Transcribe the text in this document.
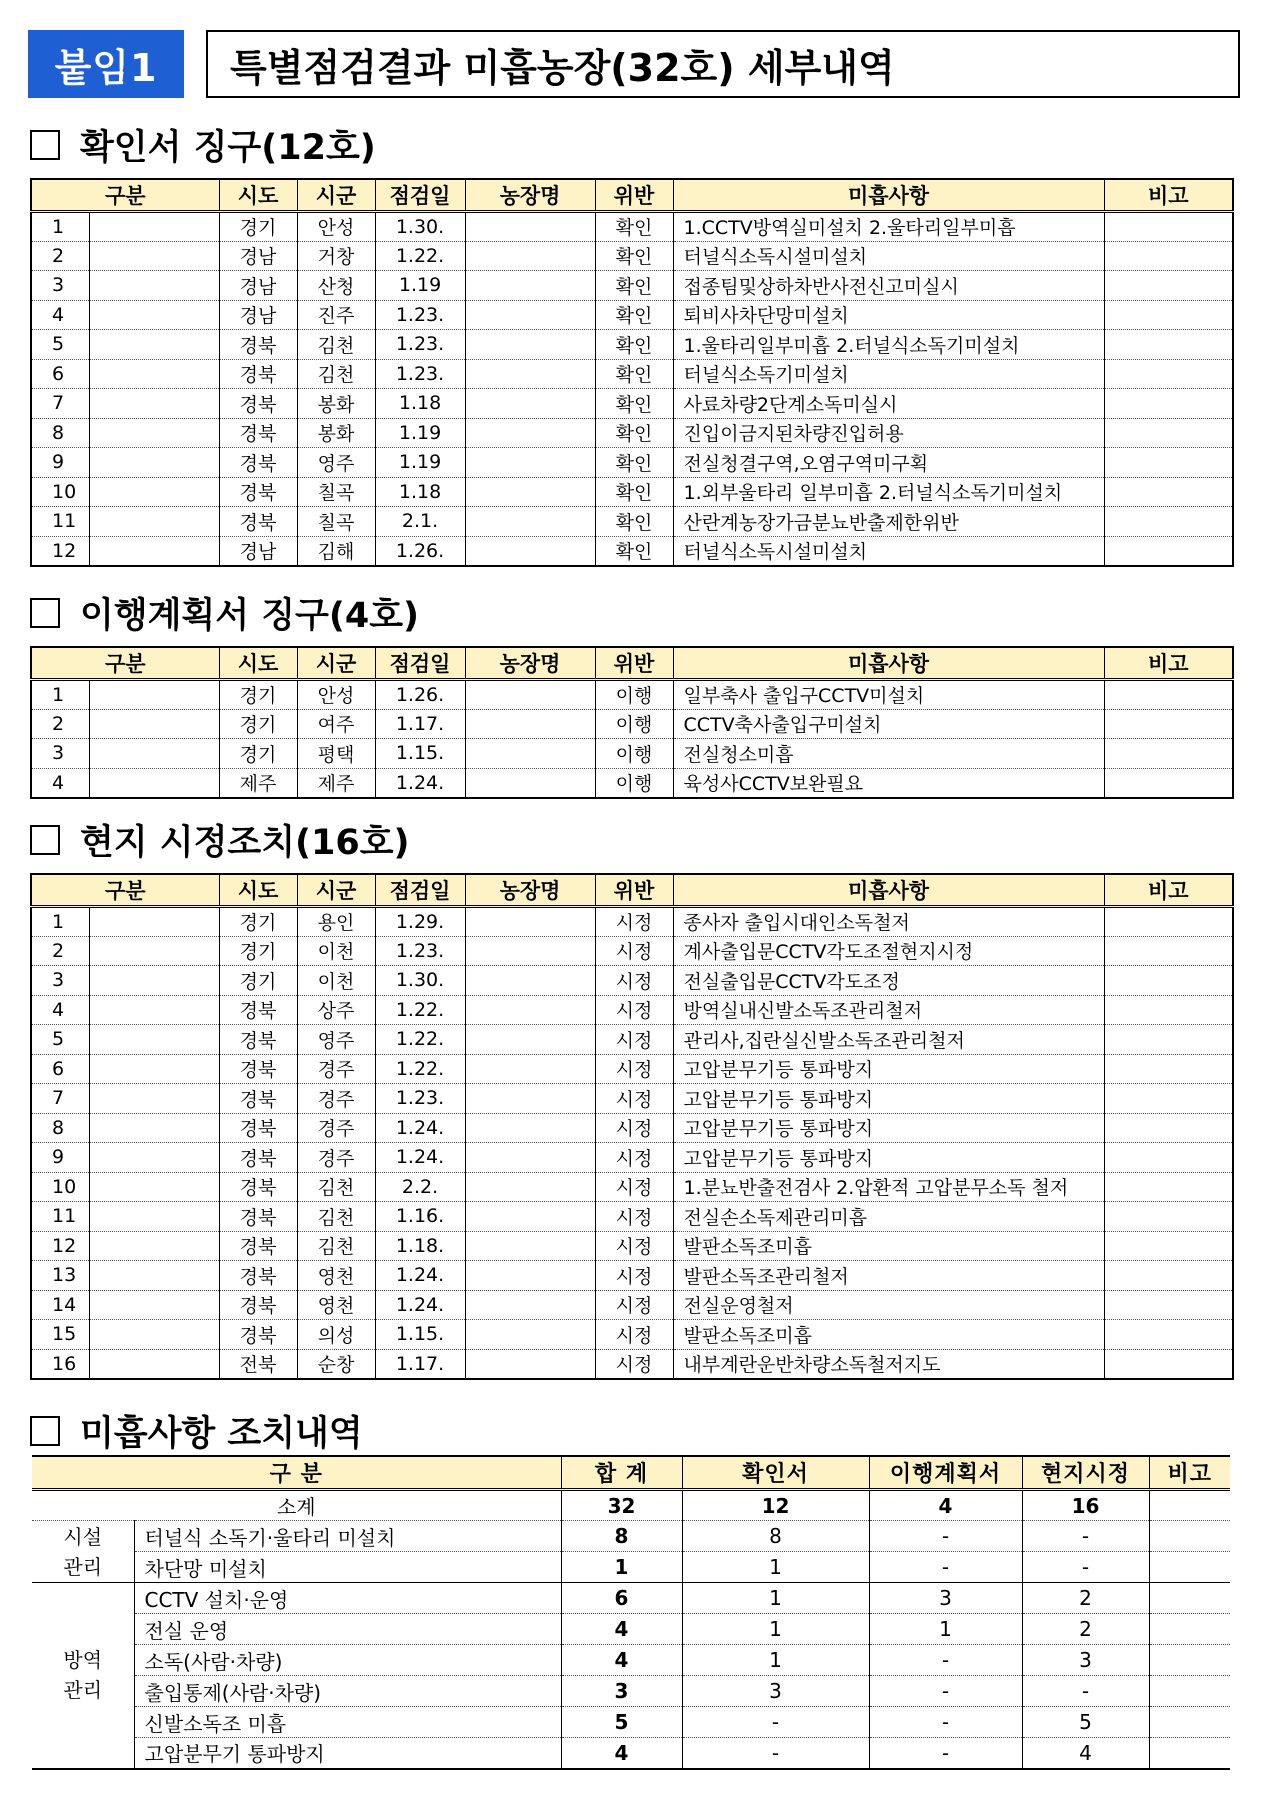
붙임1	특별점검결과 미흡농장(32호) 세부내역
확인서 징구(12호)
구분		시도	시군	점검일	농장명	위반	미흡사항	비고
1		경기	안성	1.30.		확인	1.CCTV방역실미설치 2.울타리일부미흡	
2		경남	거창	1.22.		확인	터널식소독시설미설치	
3		경남	산청	1.19		확인	접종팀및상하차반사전신고미실시	
4		경남	진주	1.23.		확인	퇴비사차단망미설치	
5		경북	김천	1.23.		확인	1.울타리일부미흡 2.터널식소독기미설치	
6		경북	김천	1.23.		확인	터널식소독기미설치	
7		경북	봉화	1.18		확인	사료차량2단계소독미실시	
8		경북	봉화	1.19		확인	진입이금지된차량진입허용	
9		경북	영주	1.19		확인	전실청결구역,오염구역미구획	
10		경북	칠곡	1.18		확인	1.외부울타리 일부미흡 2.터널식소독기미설치	
11		경북	칠곡	2.1.		확인	산란계농장가금분뇨반출제한위반	
12		경남	김해	1.26.		확인	터널식소독시설미설치	
이행계획서 징구(4호)
구분		시도	시군	점검일	농장명	위반	미흡사항	비고
1		경기	안성	1.26.		이행	일부축사 출입구CCTV미설치	
2		경기	여주	1.17.		이행	CCTV축사출입구미설치	
3		경기	평택	1.15.		이행	전실청소미흡	
4		제주	제주	1.24.		이행	육성사CCTV보완필요	
현지 시정조치(16호)
구분		시도	시군	점검일	농장명	위반	미흡사항	비고
1		경기	용인	1.29.		시정	종사자 출입시대인소독철저	
2		경기	이천	1.23.		시정	계사출입문CCTV각도조절현지시정	
3		경기	이천	1.30.		시정	전실출입문CCTV각도조정	
4		경북	상주	1.22.		시정	방역실내신발소독조관리철저	
5		경북	영주	1.22.		시정	관리사,집란실신발소독조관리철저	
6		경북	경주	1.22.		시정	고압분무기등 통파방지	
7		경북	경주	1.23.		시정	고압분무기등 통파방지	
8		경북	경주	1.24.		시정	고압분무기등 통파방지	
9		경북	경주	1.24.		시정	고압분무기등 통파방지	
10		경북	김천	2.2.		시정	1.분뇨반출전검사 2.압환적 고압분무소독 철저	
11		경북	김천	1.16.		시정	전실손소독제관리미흡	
12		경북	김천	1.18.		시정	발판소독조미흡	
13		경북	영천	1.24.		시정	발판소독조관리철저	
14		경북	영천	1.24.		시정	전실운영철저	
15		경북	의성	1.15.		시정	발판소독조미흡	
16		전북	순창	1.17.		시정	내부계란운반차량소독철저지도	
미흡사항 조치내역
구 분		합 계	확인서	이행계획서	현지시정	비고
소계		32	12	4	16	
시설
관리	터널식 소독기·울타리 미설치	8	8	-	-	
	차단망 미설치	1	1	-	-	
방역
관리	CCTV 설치·운영	6	1	3	2	
	전실 운영	4	1	1	2	
	소독(사람·차량)	4	1	-	3	
	출입통제(사람·차량)	3	3	-	-	
	신발소독조 미흡	5	-	-	5	
	고압분무기 통파방지	4	-	-	4	
